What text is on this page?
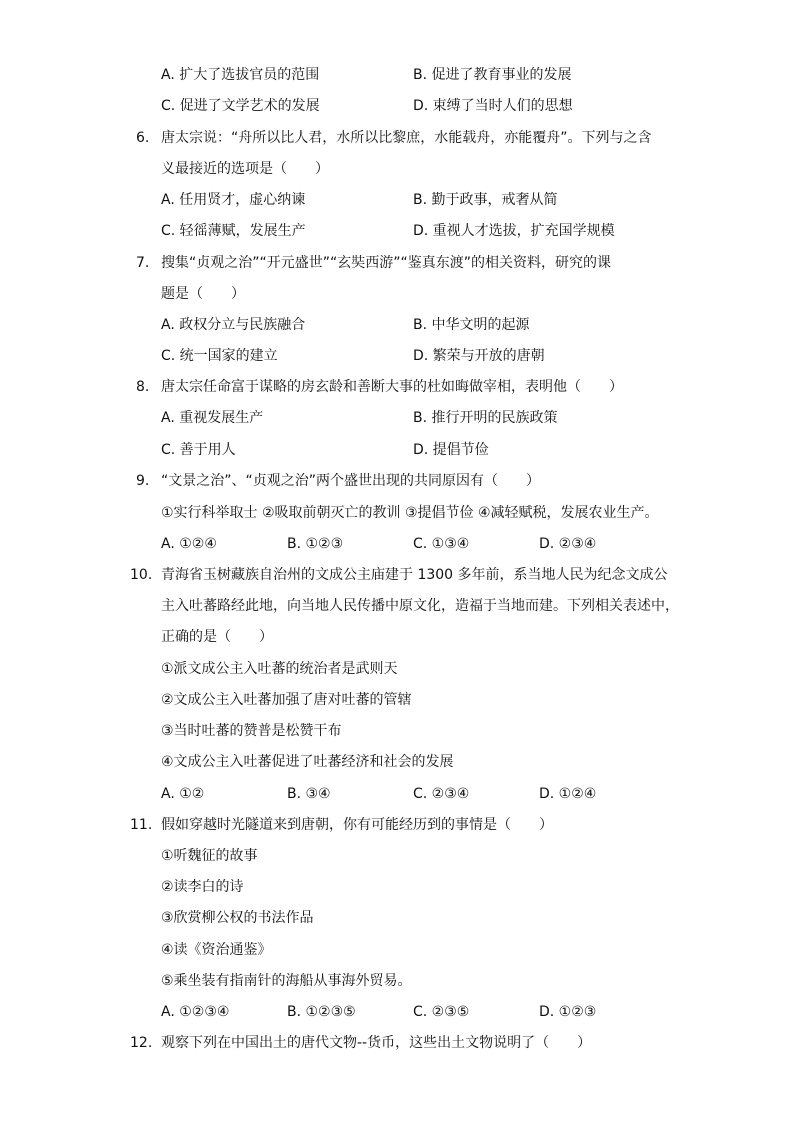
A. 扩大了选拔官员的范围	B. 促进了教育事业的发展
C. 促进了文学艺术的发展	D. 束缚了当时人们的思想
6. 唐太宗说：“舟所以比人君，水所以比黎庶，水能载舟，亦能覆舟”。下列与之含
义最接近的选项是（　　）
A. 任用贤才，虚心纳谏	B. 勤于政事，戒奢从简
C. 轻徭薄赋，发展生产	D. 重视人才选拔，扩充国学规模
7. 搜集“贞观之治”“开元盛世”“玄奘西游”“鉴真东渡”的相关资料，研究的课
题是（　　）
A. 政权分立与民族融合	B. 中华文明的起源
C. 统一国家的建立	D. 繁荣与开放的唐朝
8. 唐太宗任命富于谋略的房玄龄和善断大事的杜如晦做宰相，表明他（　　）
A. 重视发展生产	B. 推行开明的民族政策
C. 善于用人	D. 提倡节俭
9. “文景之治”、“贞观之治”两个盛世出现的共同原因有（　　）
①实行科举取士 ②吸取前朝灭亡的教训 ③提倡节俭 ④减轻赋税，发展农业生产。
A. ①②④	B. ①②③	C. ①③④	D. ②③④
10. 青海省玉树藏族自治州的文成公主庙建于 1300 多年前，系当地人民为纪念文成公
主入吐蕃路经此地，向当地人民传播中原文化，造福于当地而建。下列相关表述中，
正确的是（　　）
①派文成公主入吐蕃的统治者是武则天
②文成公主入吐蕃加强了唐对吐蕃的管辖
③当时吐蕃的赞普是松赞干布
④文成公主入吐蕃促进了吐蕃经济和社会的发展
A. ①②	B. ③④	C. ②③④	D. ①②④
11. 假如穿越时光隧道来到唐朝，你有可能经历到的事情是（　　）
①听魏征的故事
②读李白的诗
③欣赏柳公权的书法作品
④读《资治通鉴》
⑤乘坐装有指南针的海船从事海外贸易。
A. ①②③④	B. ①②③⑤	C. ②③⑤	D. ①②③
12. 观察下列在中国出土的唐代文物--货币，这些出土文物说明了（　　）
